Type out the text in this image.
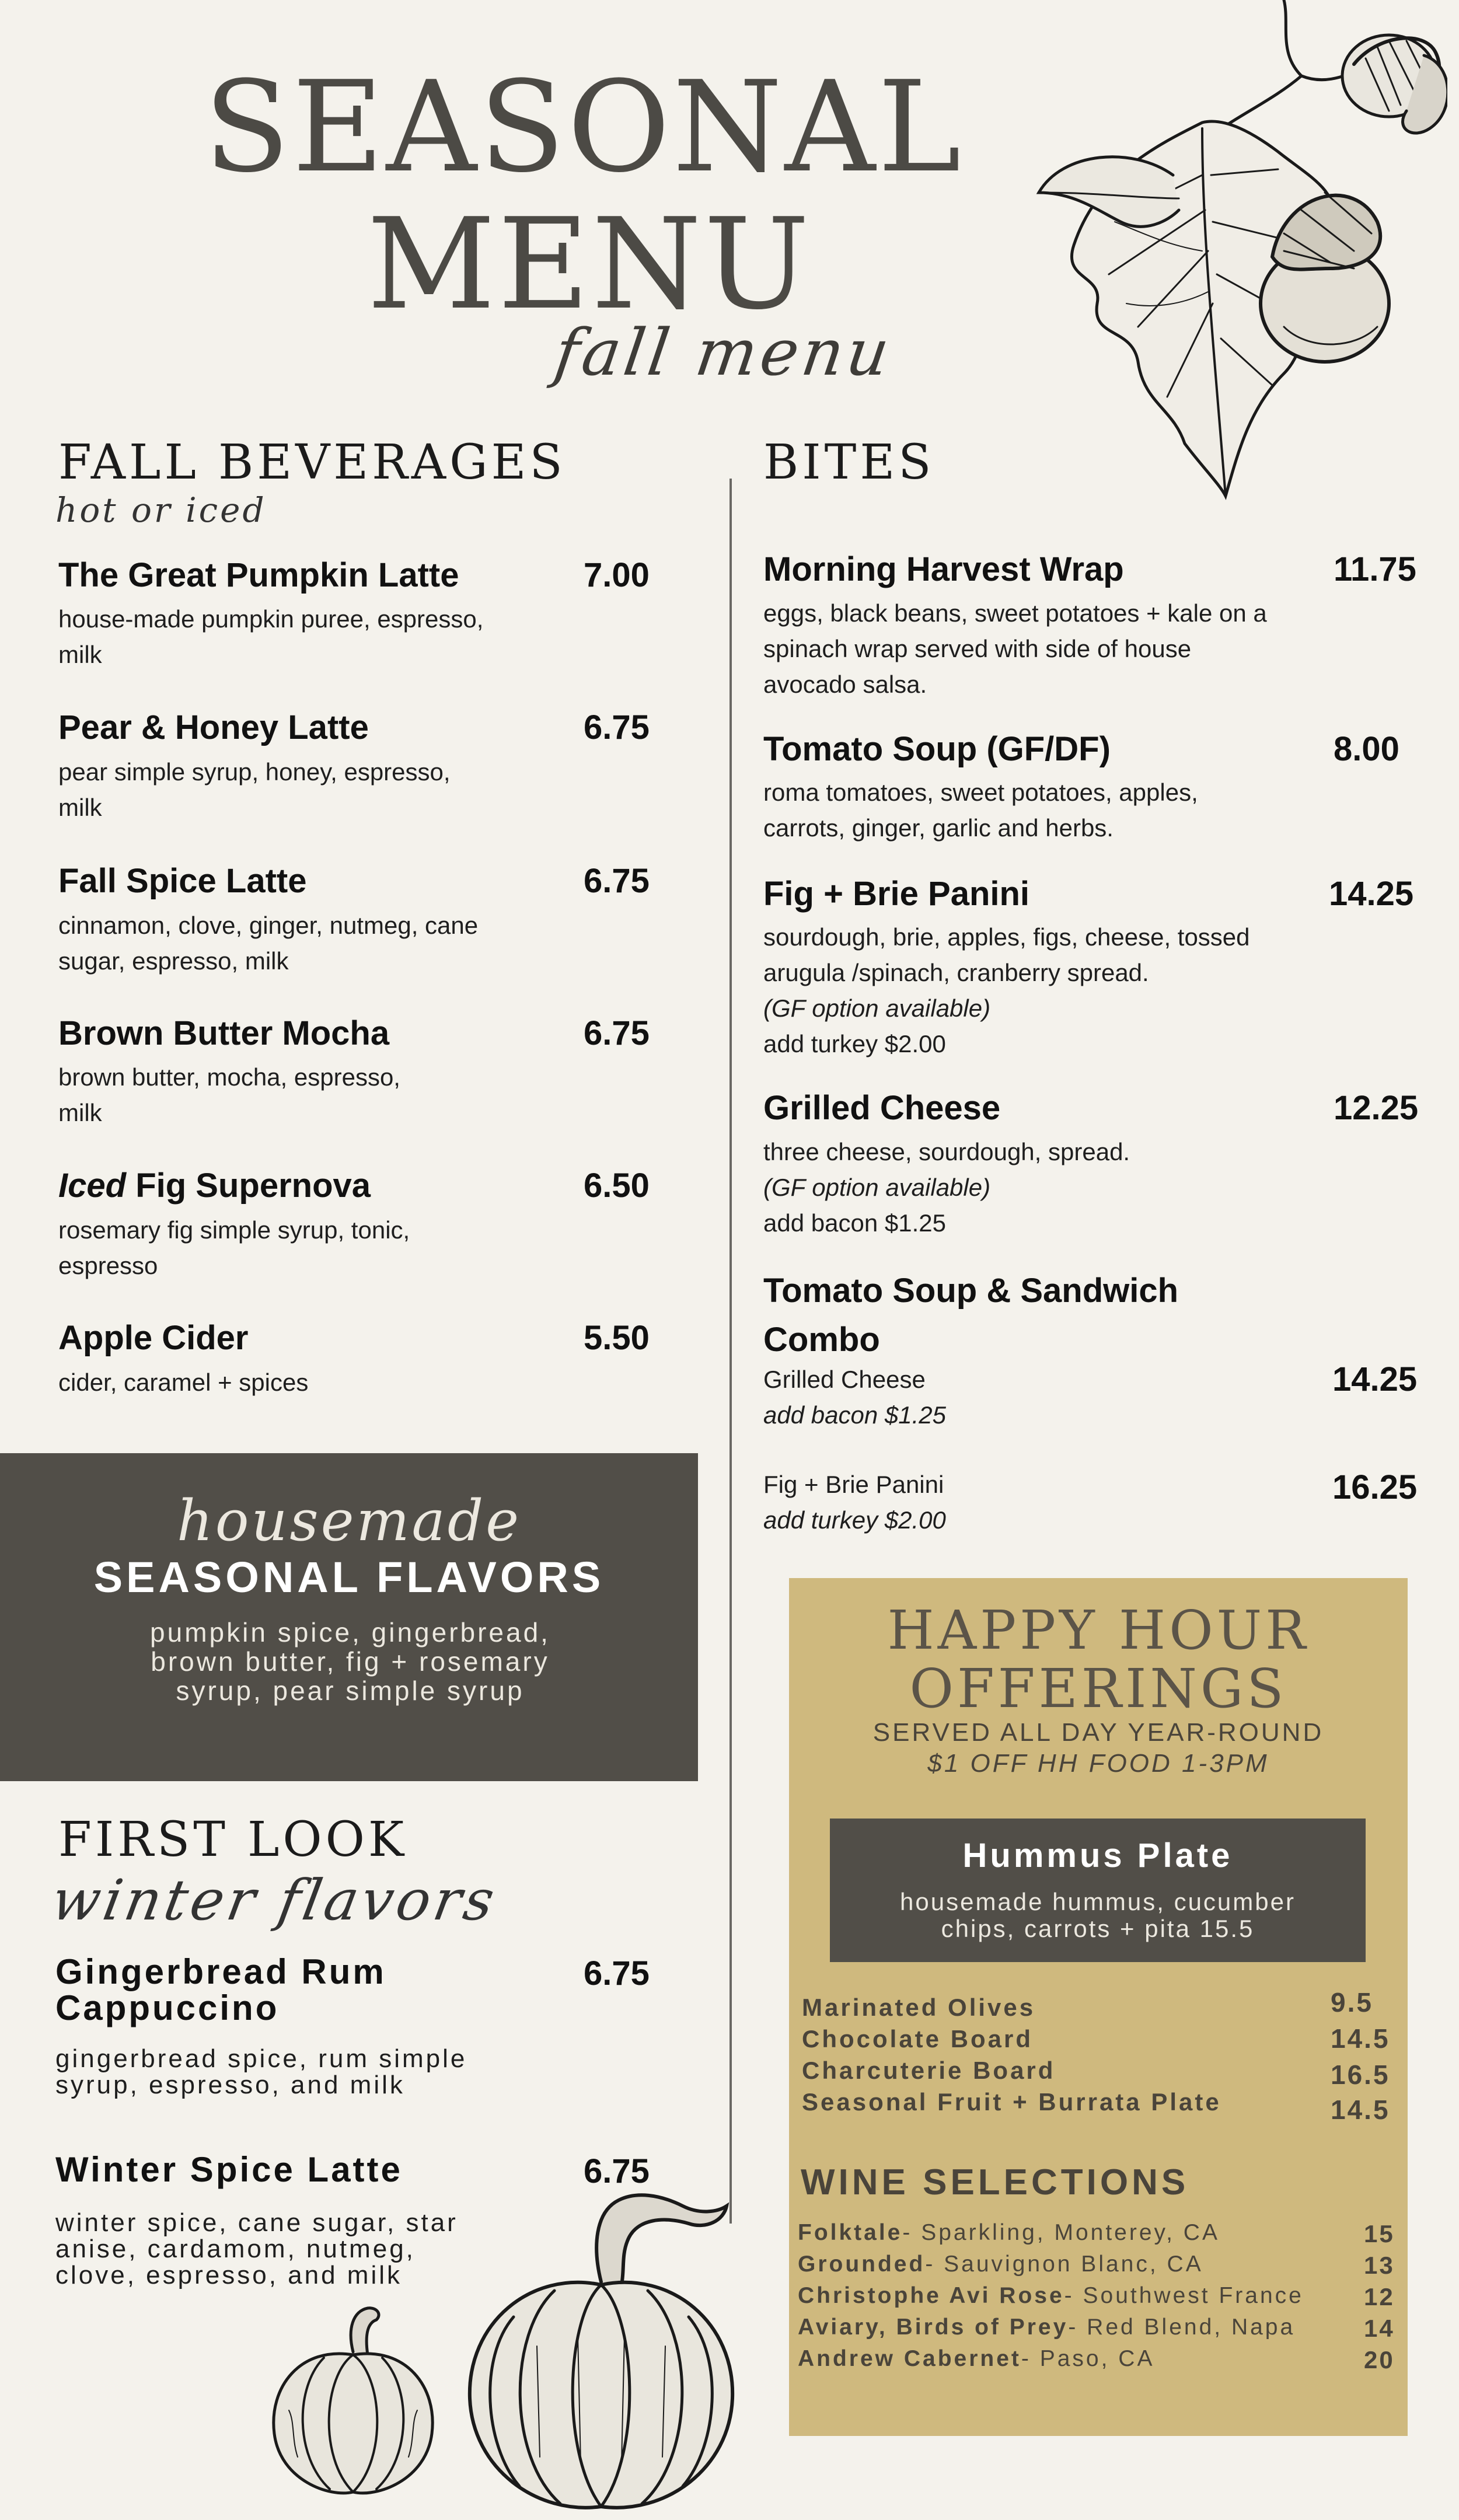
SEASONAL
MENU
fall menu
FALL BEVERAGES
hot or iced
The Great Pumpkin Latte	7.00
house-made pumpkin puree, espresso,
milk
Pear & Honey Latte	6.75
pear simple syrup, honey, espresso,
milk
Fall Spice Latte	6.75
cinnamon, clove, ginger, nutmeg, cane
sugar, espresso, milk
Brown Butter Mocha	6.75
brown butter, mocha, espresso,
milk
Iced Fig Supernova	6.50
rosemary fig simple syrup, tonic,
espresso
Apple Cider	5.50
cider, caramel + spices
housemade
SEASONAL FLAVORS
pumpkin spice, gingerbread,
brown butter, fig + rosemary
syrup, pear simple syrup
FIRST LOOK
winter flavors
Gingerbread Rum
Cappuccino
6.75
gingerbread spice, rum simple
syrup, espresso, and milk
Winter Spice Latte	6.75
winter spice, cane sugar, star
anise, cardamom, nutmeg,
clove, espresso, and milk
BITES
Morning Harvest Wrap	11.75
eggs, black beans, sweet potatoes + kale on a
spinach wrap served with side of house
avocado salsa.
Tomato Soup (GF/DF)	8.00
roma tomatoes, sweet potatoes, apples,
carrots, ginger, garlic and herbs.
Fig + Brie Panini	14.25
sourdough, brie, apples, figs, cheese, tossed
arugula /spinach, cranberry spread.
(GF option available)
add turkey $2.00
Grilled Cheese	12.25
three cheese, sourdough, spread.
(GF option available)
add bacon $1.25
Tomato Soup & Sandwich
Combo
Grilled Cheese
add bacon $1.25
14.25
Fig + Brie Panini
add turkey $2.00
16.25
HAPPY HOUR
OFFERINGS
SERVED ALL DAY YEAR-ROUND
$1 OFF HH FOOD 1-3PM
Hummus Plate
housemade hummus, cucumber
chips, carrots + pita 15.5
Marinated Olives	9.5
Chocolate Board	14.5
Charcuterie Board	16.5
Seasonal Fruit + Burrata Plate	14.5
WINE SELECTIONS
Folktale- Sparkling, Monterey, CA	15
Grounded- Sauvignon Blanc, CA	13
Christophe Avi Rose- Southwest France 12
Aviary, Birds of Prey- Red Blend, Napa	14
Andrew Cabernet- Paso, CA	20
